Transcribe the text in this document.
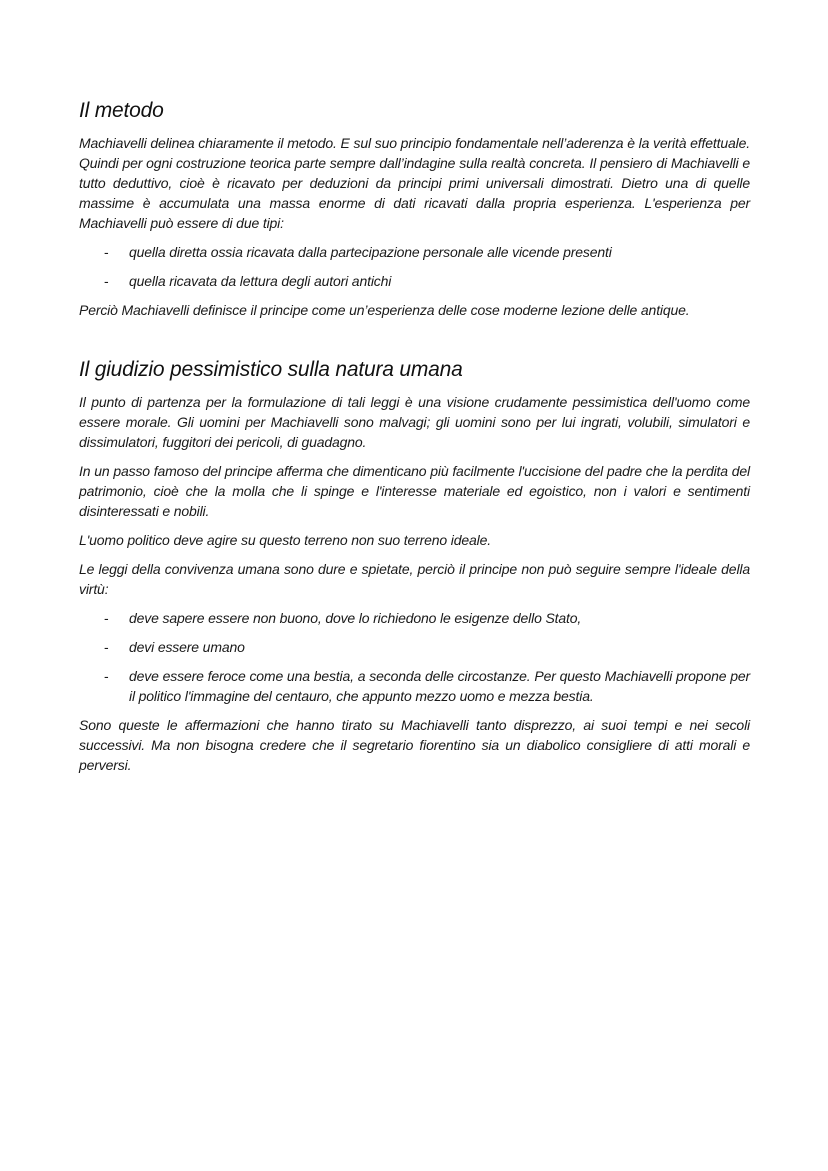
Il metodo

Machiavelli delinea chiaramente il metodo. E sul suo principio fondamentale nell’aderenza è la verità effettuale. Quindi per ogni costruzione teorica parte sempre dall’indagine sulla realtà concreta. Il pensiero di Machiavelli e tutto deduttivo, cioè è ricavato per deduzioni da principi primi universali dimostrati. Dietro una di quelle massime è accumulata una massa enorme di dati ricavati dalla propria esperienza. L'esperienza per Machiavelli può essere di due tipi:

- quella diretta ossia ricavata dalla partecipazione personale alle vicende presenti
- quella ricavata da lettura degli autori antichi

Perciò Machiavelli definisce il principe come un’esperienza delle cose moderne lezione delle antique.

Il giudizio pessimistico sulla natura umana

Il punto di partenza per la formulazione di tali leggi è una visione crudamente pessimistica dell'uomo come essere morale. Gli uomini per Machiavelli sono malvagi; gli uomini sono per lui ingrati, volubili, simulatori e dissimulatori, fuggitori dei pericoli, di guadagno.

In un passo famoso del principe afferma che dimenticano più facilmente l'uccisione del padre che la perdita del patrimonio, cioè che la molla che li spinge e l'interesse materiale ed egoistico, non i valori e sentimenti disinteressati e nobili.

L'uomo politico deve agire su questo terreno non suo terreno ideale.

Le leggi della convivenza umana sono dure e spietate, perciò il principe non può seguire sempre l'ideale della virtù:

- deve sapere essere non buono, dove lo richiedono le esigenze dello Stato,
- devi essere umano
- deve essere feroce come una bestia, a seconda delle circostanze. Per questo Machiavelli propone per il politico l'immagine del centauro, che appunto mezzo uomo e mezza bestia.

Sono queste le affermazioni che hanno tirato su Machiavelli tanto disprezzo, ai suoi tempi e nei secoli successivi. Ma non bisogna credere che il segretario fiorentino sia un diabolico consigliere di atti morali e perversi.
